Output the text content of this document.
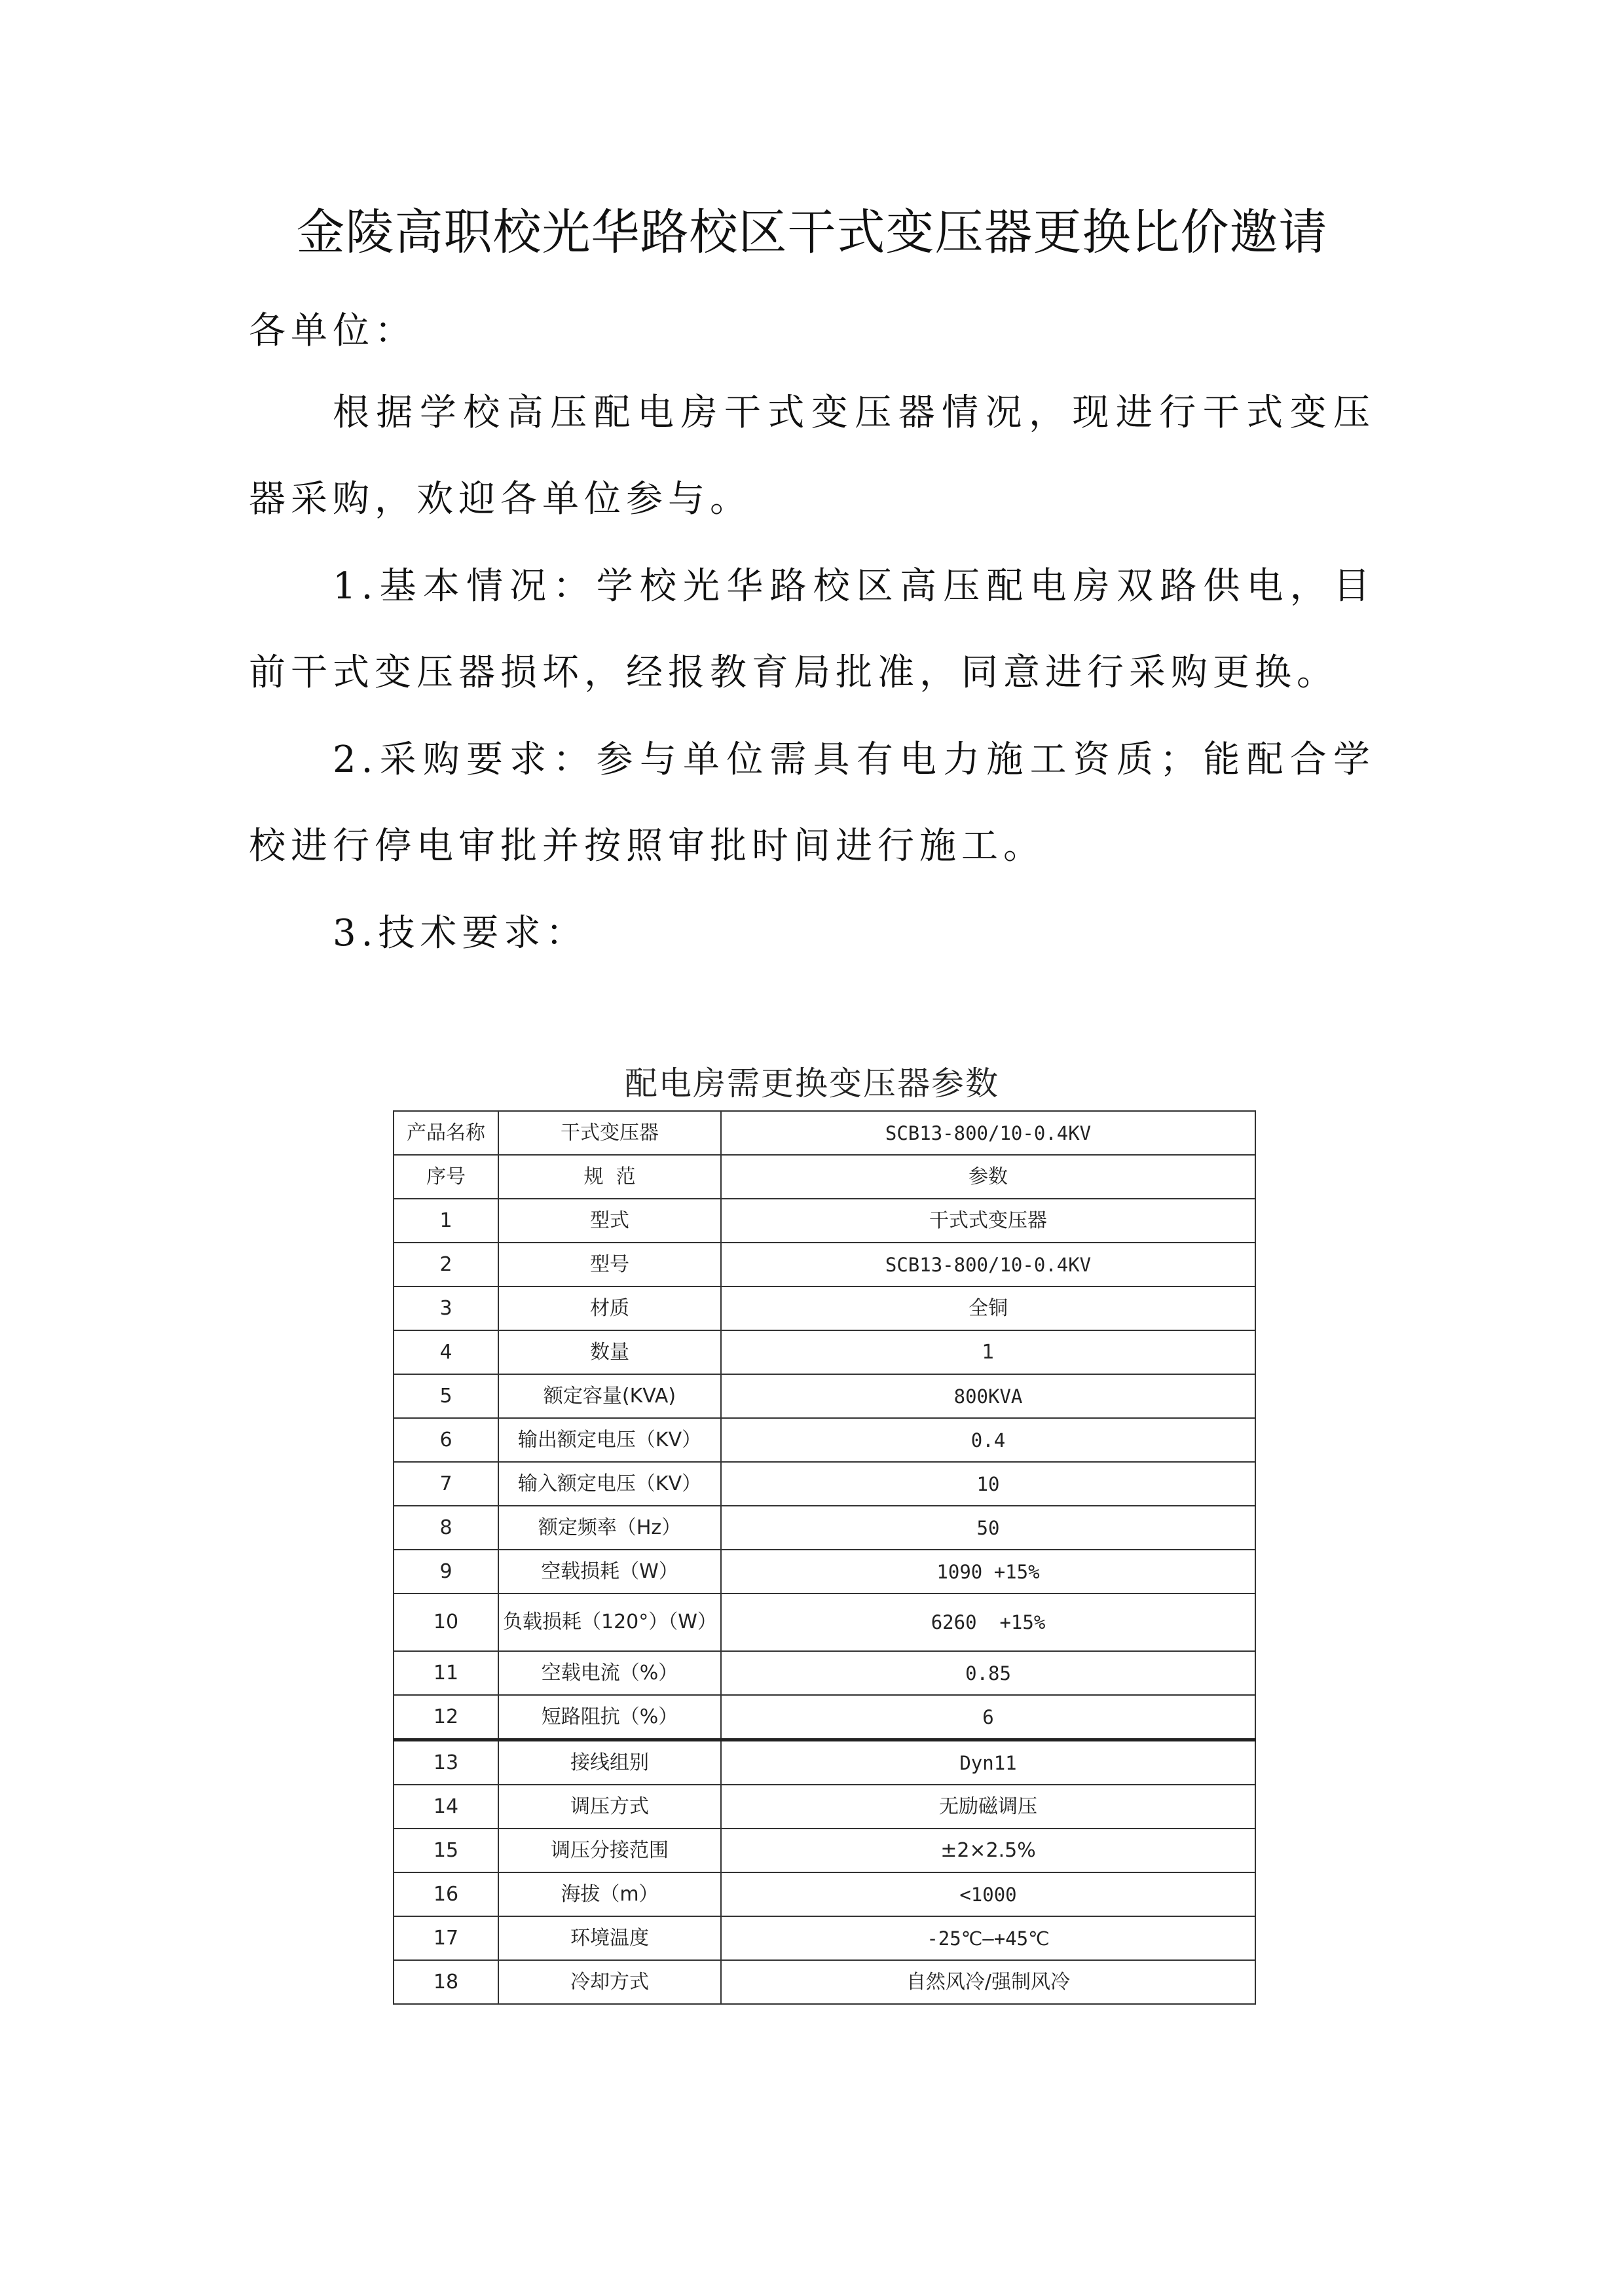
金陵高职校光华路校区干式变压器更换比价邀请
各单位：
根据学校高压配电房干式变压器情况，现进行干式变压器采购，欢迎各单位参与。
1.基本情况：学校光华路校区高压配电房双路供电，目前干式变压器损坏，经报教育局批准，同意进行采购更换。
2.采购要求：参与单位需具有电力施工资质；能配合学校进行停电审批并按照审批时间进行施工。
3.技术要求：
配电房需更换变压器参数
产品名称	干式变压器	SCB13-800/10-0.4KV
序号	规  范	参数
1	型式	干式式变压器
2	型号	SCB13-800/10-0.4KV
3	材质	全铜
4	数量	1
5	额定容量(KVA)	800KVA
6	输出额定电压（KV）	0.4
7	输入额定电压（KV）	10
8	额定频率（Hz）	50
9	空载损耗（W）	1090 +15%
10	负载损耗（120°）（W）	6260  +15%
11	空载电流（%）	0.85
12	短路阻抗（%）	6
13	接线组别	Dyn11
14	调压方式	无励磁调压
15	调压分接范围	±2×2.5%
16	海拔（m）	<1000
17	环境温度	-25℃—+45℃
18	冷却方式	自然风冷/强制风冷
